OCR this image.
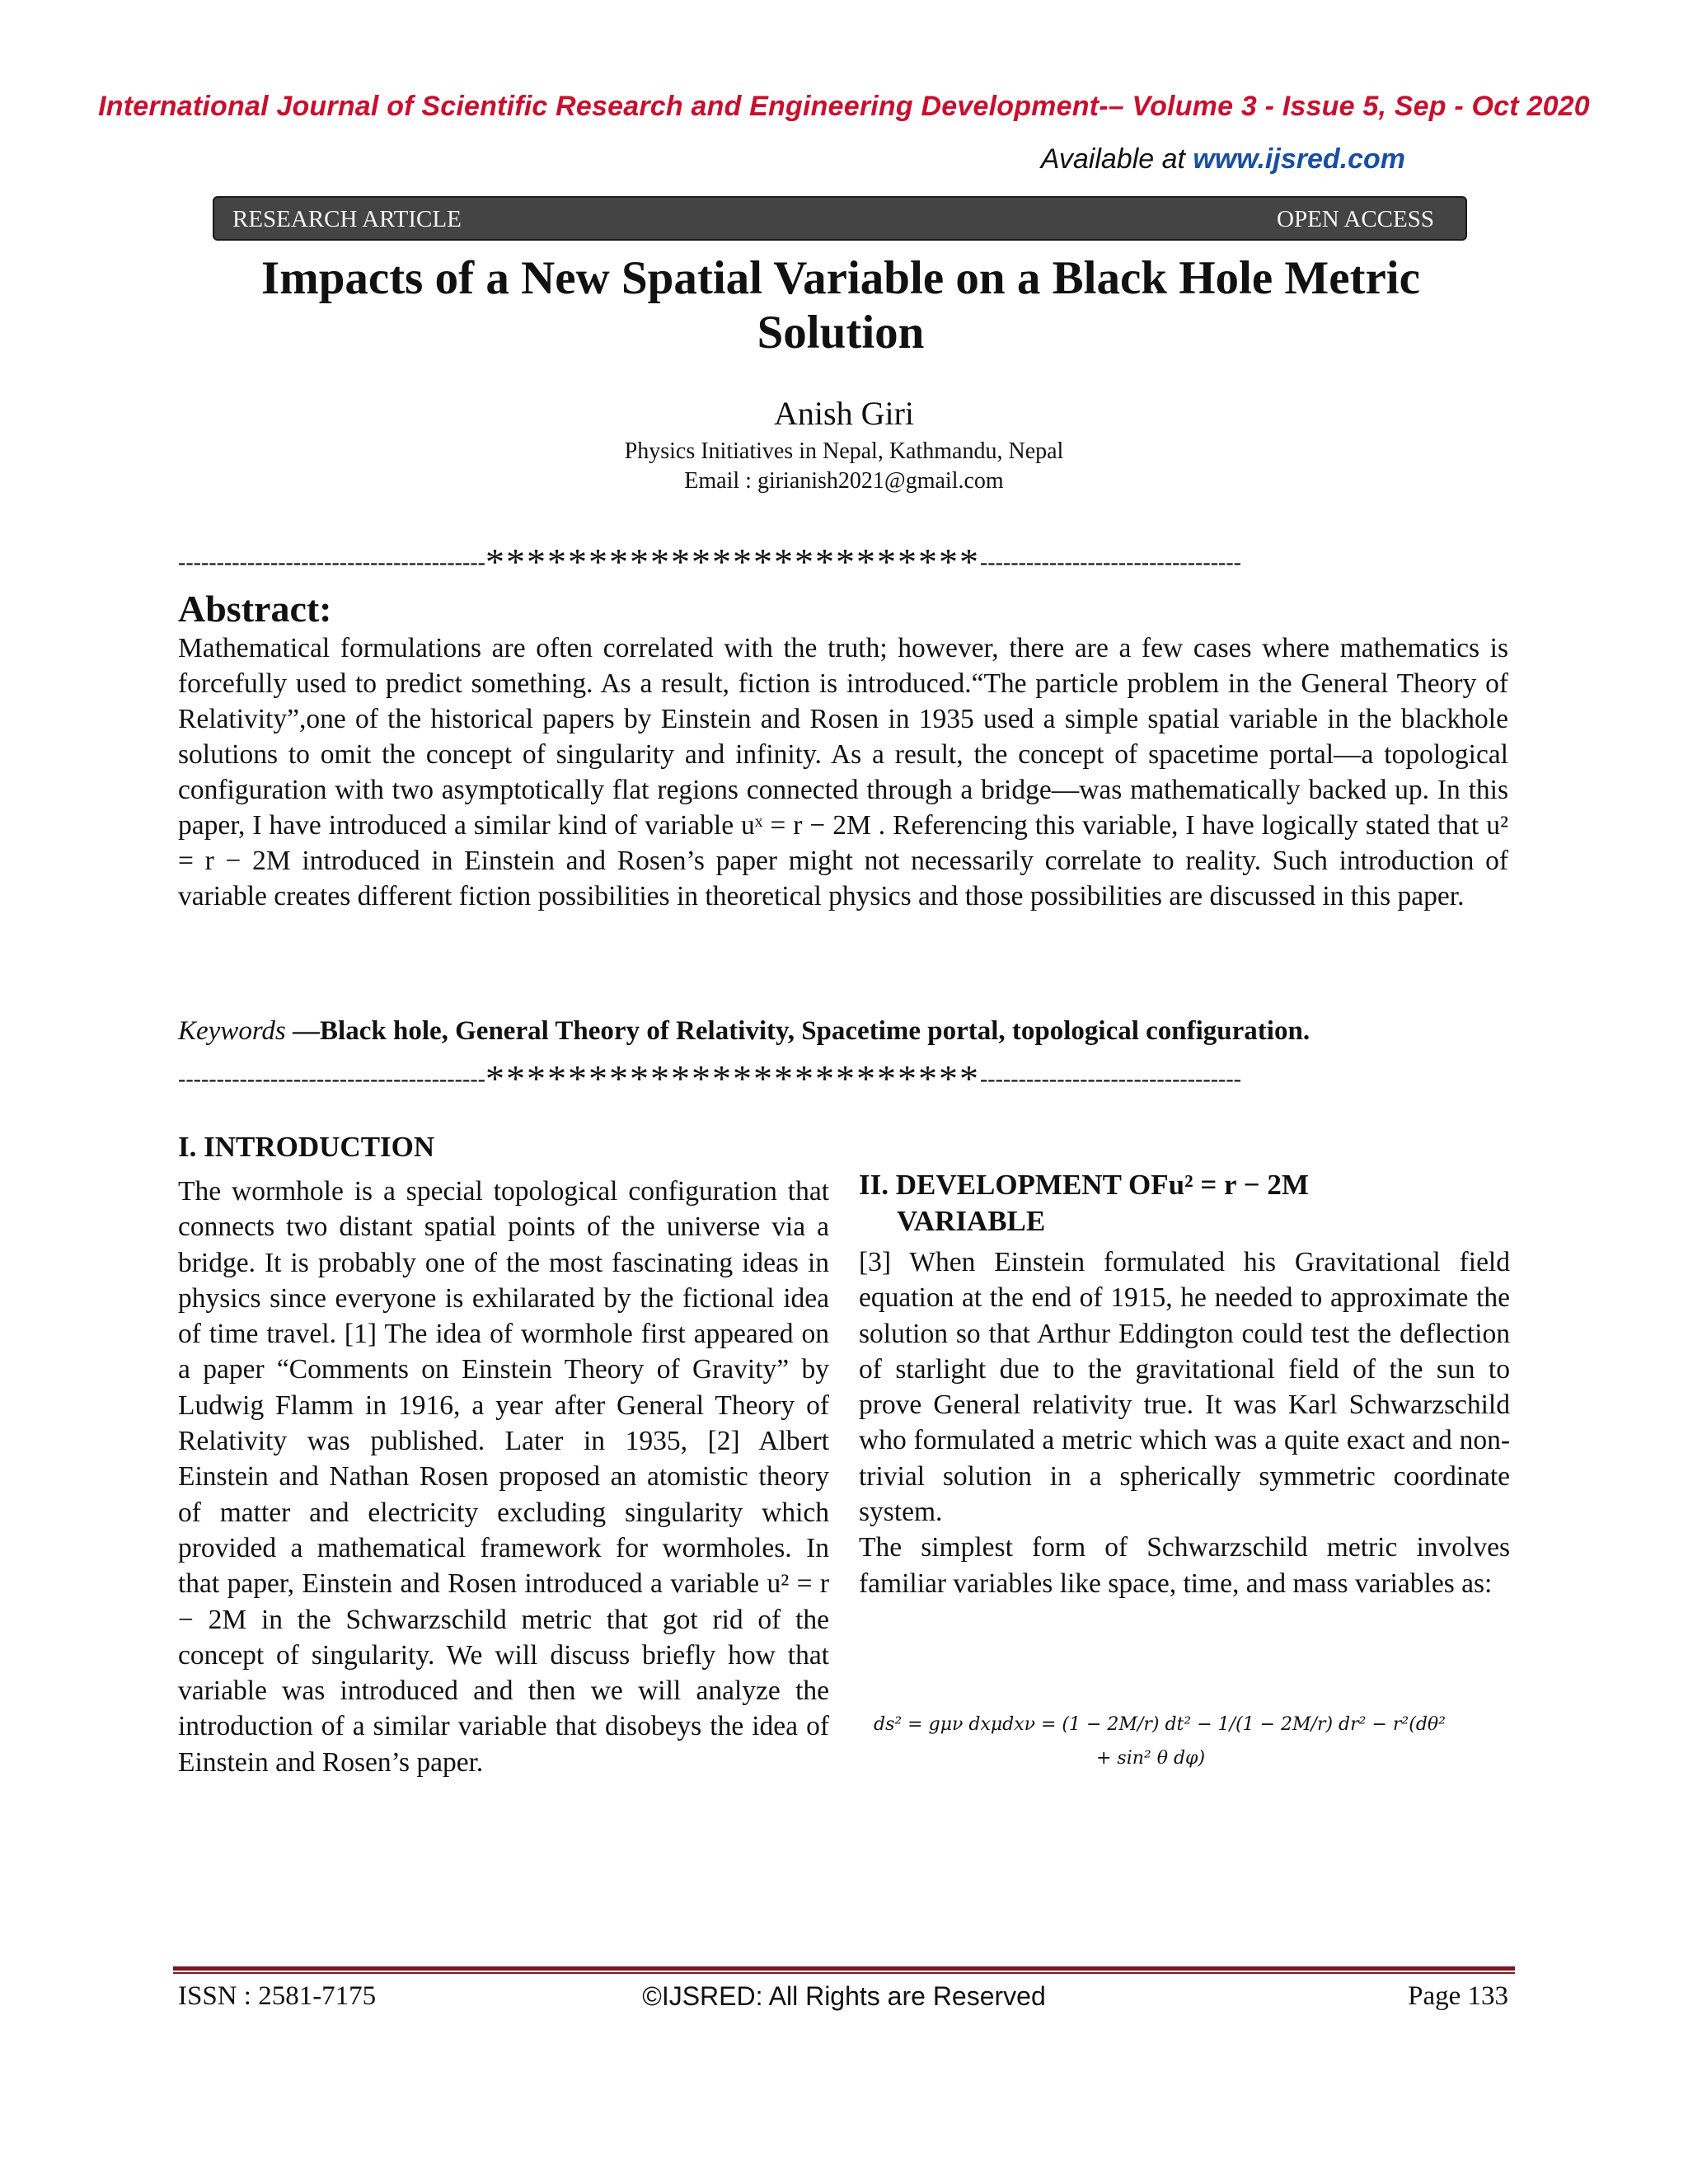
International Journal of Scientific Research and Engineering Development-– Volume 3 - Issue 5, Sep - Oct 2020
Available at www.ijsred.com
RESEARCH ARTICLE	OPEN ACCESS
Impacts of a New Spatial Variable on a Black Hole Metric Solution
Anish Giri
Physics Initiatives in Nepal, Kathmandu, Nepal
Email : girianish2021@gmail.com
----------------------------------------************************----------------------------------
Abstract:

Mathematical formulations are often correlated with the truth; however, there are a few cases where mathematics is forcefully used to predict something. As a result, fiction is introduced.“The particle problem in the General Theory of Relativity”,one of the historical papers by Einstein and Rosen in 1935 used a simple spatial variable in the blackhole solutions to omit the concept of singularity and infinity. As a result, the concept of spacetime portal—a topological configuration with two asymptotically flat regions connected through a bridge—was mathematically backed up. In this paper, I have introduced a similar kind of variable uˣ = r − 2M . Referencing this variable, I have logically stated that u² = r − 2M introduced in Einstein and Rosen’s paper might not necessarily correlate to reality. Such introduction of variable creates different fiction possibilities in theoretical physics and those possibilities are discussed in this paper.

Keywords —Black hole, General Theory of Relativity, Spacetime portal, topological configuration.
----------------------------------------************************----------------------------------
I. INTRODUCTION

The wormhole is a special topological configuration that connects two distant spatial points of the universe via a bridge. It is probably one of the most fascinating ideas in physics since everyone is exhilarated by the fictional idea of time travel. [1] The idea of wormhole first appeared on a paper “Comments on Einstein Theory of Gravity” by Ludwig Flamm in 1916, a year after General Theory of Relativity was published. Later in 1935, [2] Albert Einstein and Nathan Rosen proposed an atomistic theory of matter and electricity excluding singularity which provided a mathematical framework for wormholes. In that paper, Einstein and Rosen introduced a variable u² = r − 2M in the Schwarzschild metric that got rid of the concept of singularity. We will discuss briefly how that variable was introduced and then we will analyze the introduction of a similar variable that disobeys the idea of Einstein and Rosen’s paper.

II. DEVELOPMENT OFu² = r − 2M
VARIABLE

[3] When Einstein formulated his Gravitational field equation at the end of 1915, he needed to approximate the solution so that Arthur Eddington could test the deflection of starlight due to the gravitational field of the sun to prove General relativity true. It was Karl Schwarzschild who formulated a metric which was a quite exact and non-trivial solution in a spherically symmetric coordinate system.

The simplest form of Schwarzschild metric involves familiar variables like space, time, and mass variables as:

ds² = gμν dxμdxν = (1 − 2M/r) dt² − 1/(1 − 2M/r) dr² − r²(dθ²
+ sin² θ dφ)
ISSN : 2581-7175	©IJSRED: All Rights are Reserved	Page 133
